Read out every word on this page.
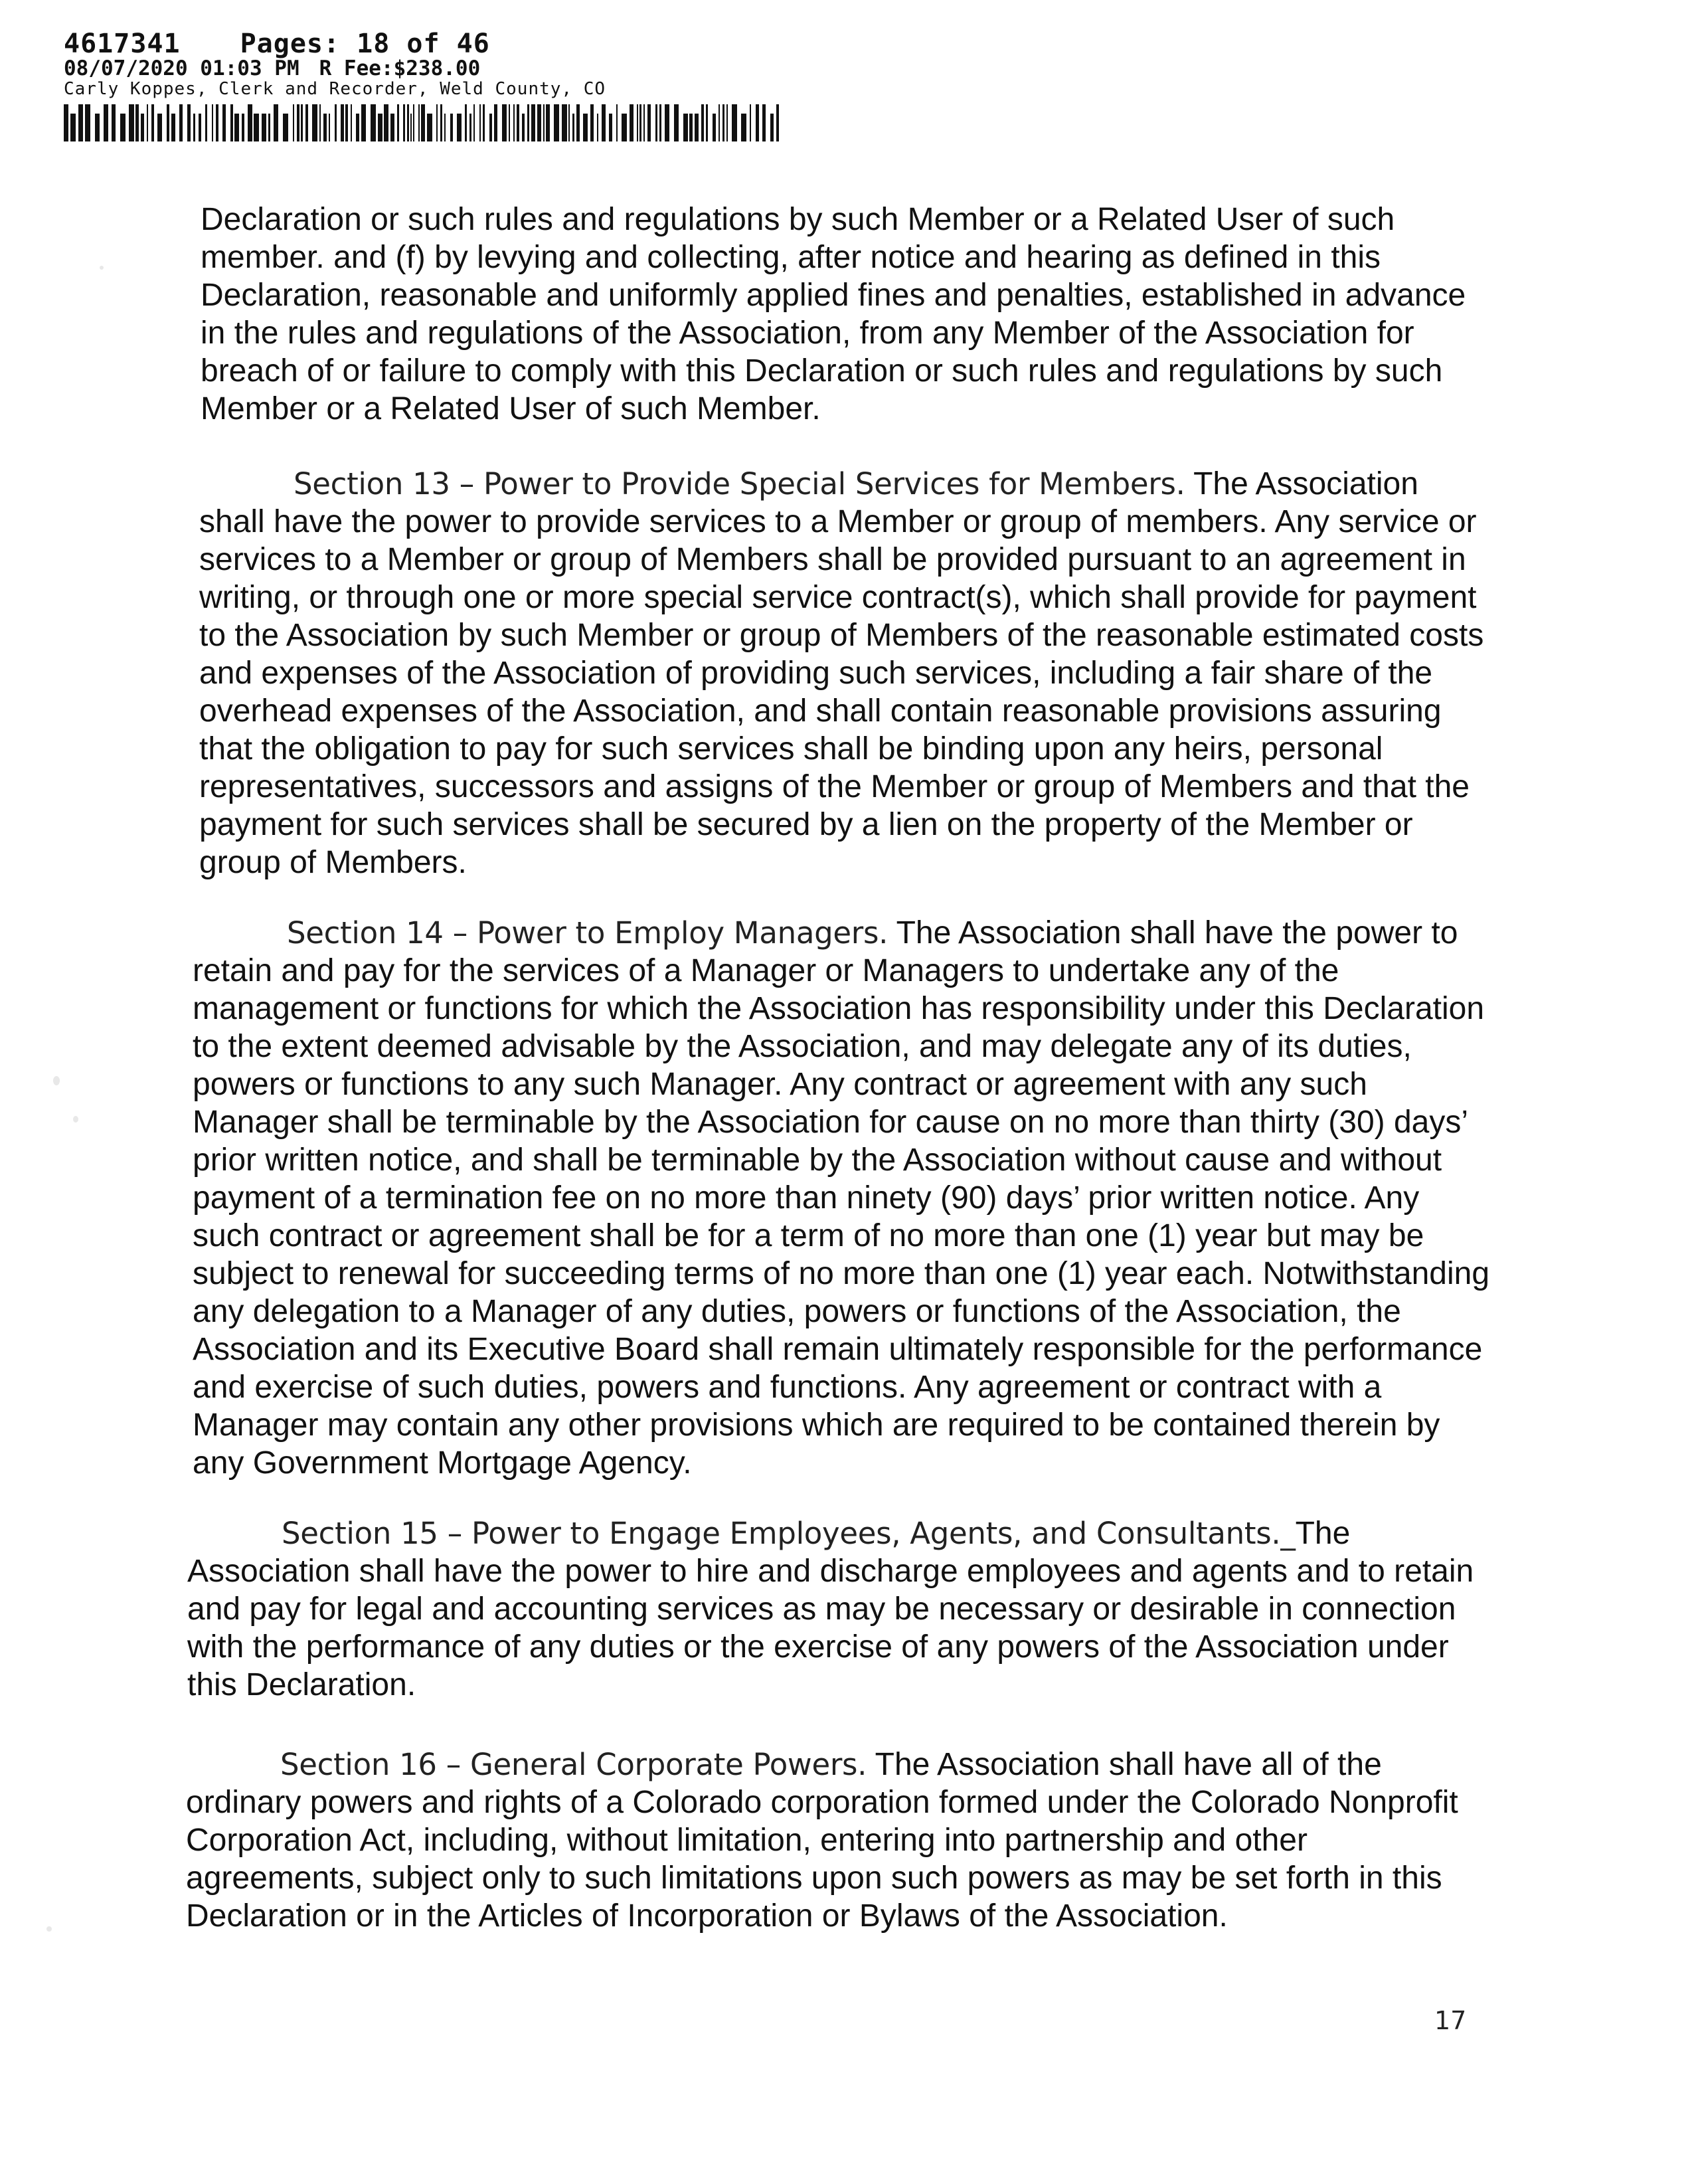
4617341 Pages: 18 of 46
08/07/2020 01:03 PM R Fee:$238.00
Carly Koppes, Clerk and Recorder, Weld County, CO

Declaration or such rules and regulations by such Member or a Related User of such member. and (f) by levying and collecting, after notice and hearing as defined in this Declaration, reasonable and uniformly applied fines and penalties, established in advance in the rules and regulations of the Association, from any Member of the Association for breach of or failure to comply with this Declaration or such rules and regulations by such Member or a Related User of such Member.

Section 13 – Power to Provide Special Services for Members. The Association shall have the power to provide services to a Member or group of members. Any service or services to a Member or group of Members shall be provided pursuant to an agreement in writing, or through one or more special service contract(s), which shall provide for payment to the Association by such Member or group of Members of the reasonable estimated costs and expenses of the Association of providing such services, including a fair share of the overhead expenses of the Association, and shall contain reasonable provisions assuring that the obligation to pay for such services shall be binding upon any heirs, personal representatives, successors and assigns of the Member or group of Members and that the payment for such services shall be secured by a lien on the property of the Member or group of Members.

Section 14 – Power to Employ Managers. The Association shall have the power to retain and pay for the services of a Manager or Managers to undertake any of the management or functions for which the Association has responsibility under this Declaration to the extent deemed advisable by the Association, and may delegate any of its duties, powers or functions to any such Manager. Any contract or agreement with any such Manager shall be terminable by the Association for cause on no more than thirty (30) days’ prior written notice, and shall be terminable by the Association without cause and without payment of a termination fee on no more than ninety (90) days’ prior written notice. Any such contract or agreement shall be for a term of no more than one (1) year but may be subject to renewal for succeeding terms of no more than one (1) year each. Notwithstanding any delegation to a Manager of any duties, powers or functions of the Association, the Association and its Executive Board shall remain ultimately responsible for the performance and exercise of such duties, powers and functions. Any agreement or contract with a Manager may contain any other provisions which are required to be contained therein by any Government Mortgage Agency.

Section 15 – Power to Engage Employees, Agents, and Consultants._The Association shall have the power to hire and discharge employees and agents and to retain and pay for legal and accounting services as may be necessary or desirable in connection with the performance of any duties or the exercise of any powers of the Association under this Declaration.

Section 16 – General Corporate Powers. The Association shall have all of the ordinary powers and rights of a Colorado corporation formed under the Colorado Nonprofit Corporation Act, including, without limitation, entering into partnership and other agreements, subject only to such limitations upon such powers as may be set forth in this Declaration or in the Articles of Incorporation or Bylaws of the Association.

17
